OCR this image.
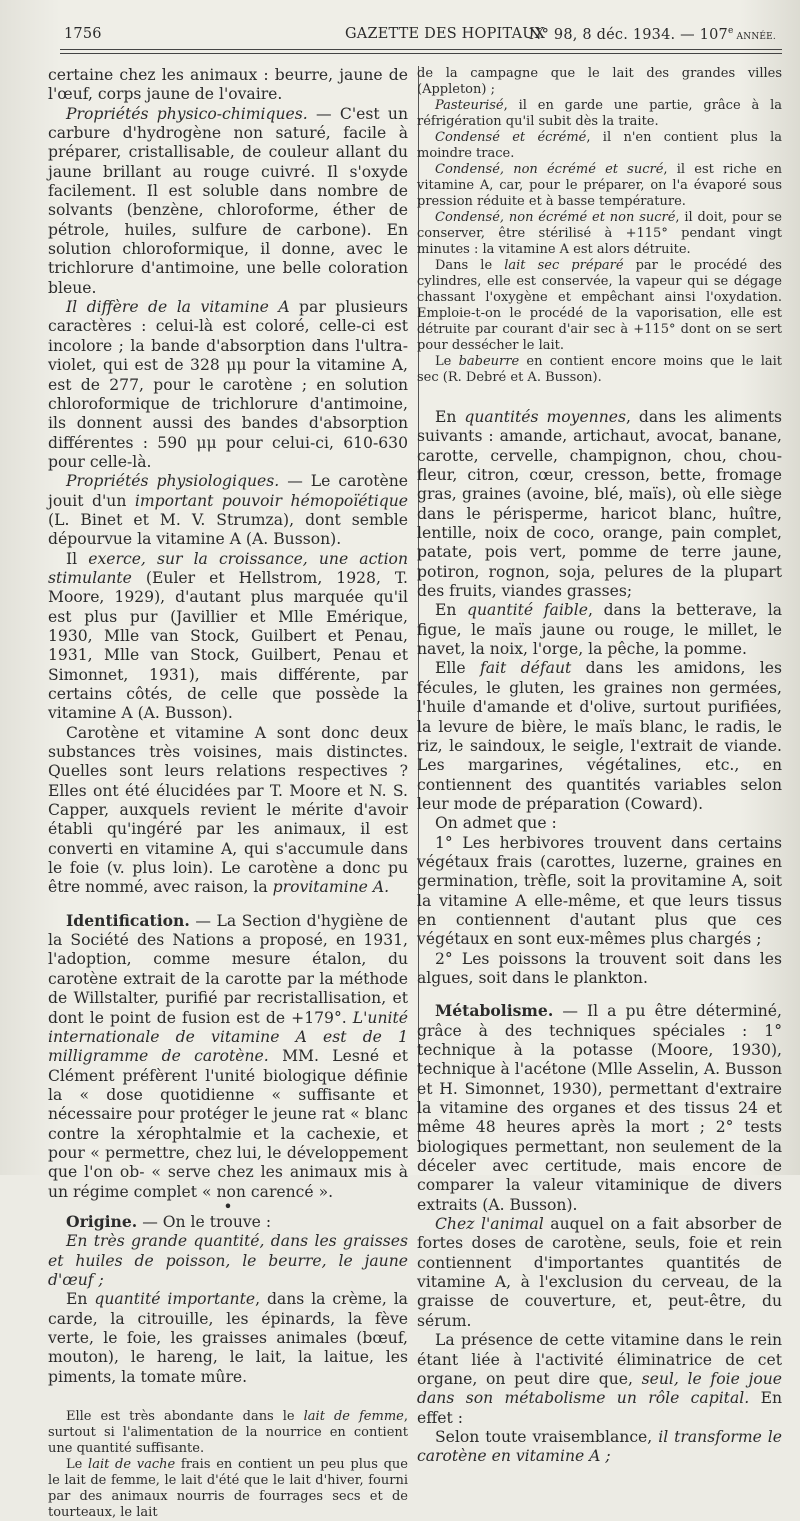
1756	GAZETTE DES HOPITAUX
N° 98, 8 déc. 1934. — 107e ANNÉE.

certaine chez les animaux : beurre, jaune de l'œuf, corps jaune de l'ovaire.

Propriétés physico-chimiques. — C'est un carbure d'hydrogène non saturé, facile à préparer, cristallisable, de couleur allant du jaune brillant au rouge cuivré. Il s'oxyde facilement. Il est soluble dans nombre de solvants (benzène, chloroforme, éther de pétrole, huiles, sulfure de carbone). En solution chloroformique, il donne, avec le trichlorure d'antimoine, une belle coloration bleue.

Il diffère de la vitamine A par plusieurs caractères : celui-là est coloré, celle-ci est incolore ; la bande d'absorption dans l'ultra-violet, qui est de 328 μμ pour la vitamine A, est de 277, pour le carotène ; en solution chloroformique de trichlorure d'antimoine, ils donnent aussi des bandes d'absorption différentes : 590 μμ pour celui-ci, 610-630 pour celle-là.

Propriétés physiologiques. — Le carotène jouit d'un important pouvoir hémopoïétique (L. Binet et M. V. Strumza), dont semble dépourvue la vitamine A (A. Busson).

Il exerce, sur la croissance, une action stimulante (Euler et Hellstrom, 1928, T. Moore, 1929), d'autant plus marquée qu'il est plus pur (Javillier et Mlle Emérique, 1930, Mlle van Stock, Guilbert et Penau, 1931, Mlle van Stock, Guilbert, Penau et Simonnet, 1931), mais différente, par certains côtés, de celle que possède la vitamine A (A. Busson).

Carotène et vitamine A sont donc deux substances très voisines, mais distinctes. Quelles sont leurs relations respectives ? Elles ont été élucidées par T. Moore et N. S. Capper, auxquels revient le mérite d'avoir établi qu'ingéré par les animaux, il est converti en vitamine A, qui s'accumule dans le foie (v. plus loin). Le carotène a donc pu être nommé, avec raison, la provitamine A.

Identification. — La Section d'hygiène de la Société des Nations a proposé, en 1931, l'adoption, comme mesure étalon, du carotène extrait de la carotte par la méthode de Willstalter, purifié par recristallisation, et dont le point de fusion est de +179°. L'unité internationale de vitamine A est de 1 milligramme de carotène. MM. Lesné et Clément préfèrent l'unité biologique définie la « dose quotidienne « suffisante et nécessaire pour protéger le jeune rat « blanc contre la xérophtalmie et la cachexie, et pour « permettre, chez lui, le développement que l'on ob- « serve chez les animaux mis à un régime complet « non carencé ».

•

Origine. — On le trouve :

En très grande quantité, dans les graisses et huiles de poisson, le beurre, le jaune d'œuf ;

En quantité importante, dans la crème, la carde, la citrouille, les épinards, la fève verte, le foie, les graisses animales (bœuf, mouton), le hareng, le lait, la laitue, les piments, la tomate mûre.

Elle est très abondante dans le lait de femme, surtout si l'alimentation de la nourrice en contient une quantité suffisante.

Le lait de vache frais en contient un peu plus que le lait de femme, le lait d'été que le lait d'hiver, fourni par des animaux nourris de fourrages secs et de tourteaux, le lait

de la campagne que le lait des grandes villes (Appleton) ;

Pasteurisé, il en garde une partie, grâce à la réfrigération qu'il subit dès la traite.

Condensé et écrémé, il n'en contient plus la moindre trace.

Condensé, non écrémé et sucré, il est riche en vitamine A, car, pour le préparer, on l'a évaporé sous pression réduite et à basse température.

Condensé, non écrémé et non sucré, il doit, pour se conserver, être stérilisé à +115° pendant vingt minutes : la vitamine A est alors détruite.

Dans le lait sec préparé par le procédé des cylindres, elle est conservée, la vapeur qui se dégage chassant l'oxygène et empêchant ainsi l'oxydation. Emploie-t-on le procédé de la vaporisation, elle est détruite par courant d'air sec à +115° dont on se sert pour dessécher le lait.

Le babeurre en contient encore moins que le lait sec (R. Debré et A. Busson).

En quantités moyennes, dans les aliments suivants : amande, artichaut, avocat, banane, carotte, cervelle, champignon, chou, chou-fleur, citron, cœur, cresson, bette, fromage gras, graines (avoine, blé, maïs), où elle siège dans le périsperme, haricot blanc, huître, lentille, noix de coco, orange, pain complet, patate, pois vert, pomme de terre jaune, potiron, rognon, soja, pelures de la plupart des fruits, viandes grasses;

En quantité faible, dans la betterave, la figue, le maïs jaune ou rouge, le millet, le navet, la noix, l'orge, la pêche, la pomme.

Elle fait défaut dans les amidons, les fécules, le gluten, les graines non germées, l'huile d'amande et d'olive, surtout purifiées, la levure de bière, le maïs blanc, le radis, le riz, le saindoux, le seigle, l'extrait de viande. Les margarines, végétalines, etc., en contiennent des quantités variables selon leur mode de préparation (Coward).

On admet que :

1° Les herbivores trouvent dans certains végétaux frais (carottes, luzerne, graines en germination, trèfle, soit la provitamine A, soit la vitamine A elle-même, et que leurs tissus en contiennent d'autant plus que ces végétaux en sont eux-mêmes plus chargés ;

2° Les poissons la trouvent soit dans les algues, soit dans le plankton.

Métabolisme. — Il a pu être déterminé, grâce à des techniques spéciales : 1° technique à la potasse (Moore, 1930), technique à l'acétone (Mlle Asselin, A. Busson et H. Simonnet, 1930), permettant d'extraire la vitamine des organes et des tissus 24 et même 48 heures après la mort ; 2° tests biologiques permettant, non seulement de la déceler avec certitude, mais encore de comparer la valeur vitaminique de divers extraits (A. Busson).

Chez l'animal auquel on a fait absorber de fortes doses de carotène, seuls, foie et rein contiennent d'importantes quantités de vitamine A, à l'exclusion du cerveau, de la graisse de couverture, et, peut-être, du sérum.

La présence de cette vitamine dans le rein étant liée à l'activité éliminatrice de cet organe, on peut dire que, seul, le foie joue dans son métabolisme un rôle capital. En effet :

Selon toute vraisemblance, il transforme le carotène en vitamine A ;
